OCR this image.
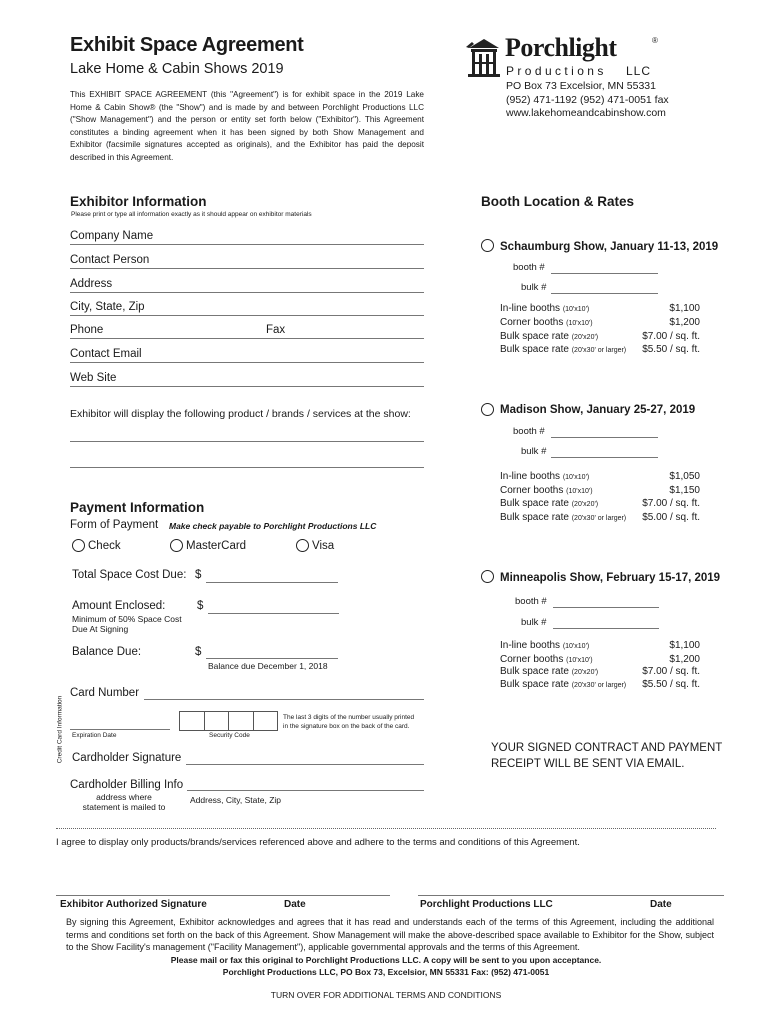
Exhibit Space Agreement
Lake Home & Cabin Shows 2019
This EXHIBIT SPACE AGREEMENT (this "Agreement") is for exhibit space in the 2019 Lake Home & Cabin Show® (the "Show") and is made by and between Porchlight Productions LLC ("Show Management") and the person or entity set forth below ("Exhibitor"). This Agreement constitutes a binding agreement when it has been signed by both Show Management and Exhibitor (facsimile signatures accepted as originals), and the Exhibitor has paid the deposit described in this Agreement.
Porchlight	®
Productions LLC
PO Box 73 Excelsior, MN 55331
(952) 471-1192 (952) 471-0051 fax
www.lakehomeandcabinshow.com
Exhibitor Information
Please print or type all information exactly as it should appear on exhibitor materials
Company Name
Contact Person
Address
City, State, Zip
Phone	Fax
Contact Email
Web Site
Exhibitor will display the following product / brands / services at the show:
Payment Information
Form of Payment Make check payable to Porchlight Productions LLC
Check	MasterCard	Visa
Total Space Cost Due: $
Amount Enclosed:	$
Minimum of 50% Space Cost
Due At Signing
Balance Due:	$
Balance due December 1, 2018
Credit Card Information
Card Number
Expiration Date	Security Code
The last 3 digits of the number usually printed
in the signature box on the back of the card.
Cardholder Signature
Cardholder Billing Info
address where
statement is mailed to
Address, City, State, Zip
Booth Location & Rates
Schaumburg Show, January 11-13, 2019
booth #
bulk #
In-line booths (10'x10')	$1,100
Corner booths (10'x10')	$1,200
Bulk space rate (20'x20')	$7.00 / sq. ft.
Bulk space rate (20'x30' or larger) $5.50 / sq. ft.
Madison Show, January 25-27, 2019
booth #
bulk #
In-line booths (10'x10')	$1,050
Corner booths (10'x10')	$1,150
Bulk space rate (20'x20')	$7.00 / sq. ft.
Bulk space rate (20'x30' or larger) $5.00 / sq. ft.
Minneapolis Show, February 15-17, 2019
booth #
bulk #
In-line booths (10'x10')	$1,100
Corner booths (10'x10')	$1,200
Bulk space rate (20'x20')	$7.00 / sq. ft.
Bulk space rate (20'x30' or larger) $5.50 / sq. ft.
YOUR SIGNED CONTRACT AND PAYMENT
RECEIPT WILL BE SENT VIA EMAIL.
I agree to display only products/brands/services referenced above and adhere to the terms and conditions of this Agreement.
Exhibitor Authorized Signature	Date	Porchlight Productions LLC	Date
By signing this Agreement, Exhibitor acknowledges and agrees that it has read and understands each of the terms of this Agreement, including the additional terms and conditions set forth on the back of this Agreement. Show Management will make the above-described space available to Exhibitor for the Show, subject to the Show Facility's management ("Facility Management"), applicable governmental approvals and the terms of this Agreement.
Please mail or fax this original to Porchlight Productions LLC. A copy will be sent to you upon acceptance.
Porchlight Productions LLC, PO Box 73, Excelsior, MN 55331 Fax: (952) 471-0051
TURN OVER FOR ADDITIONAL TERMS AND CONDITIONS
